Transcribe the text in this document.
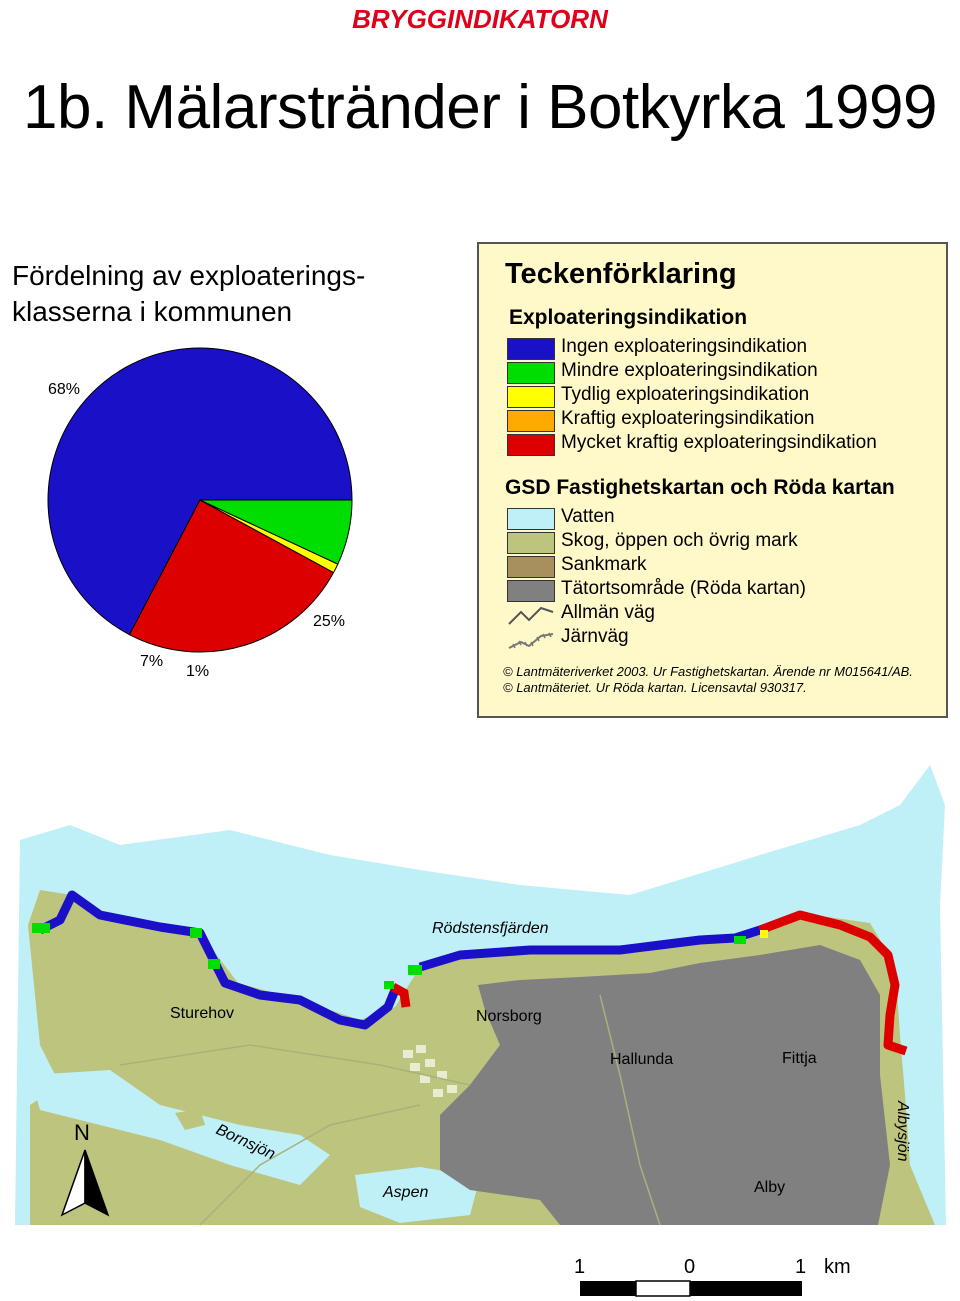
BRYGGINDIKATORN
1b. Mälarstränder i Botkyrka 1999
Fördelning av exploaterings-
klasserna i kommunen
68%
25%
7%
1%
Teckenförklaring
Exploateringsindikation
Ingen exploateringsindikation
Mindre exploateringsindikation
Tydlig exploateringsindikation
Kraftig exploateringsindikation
Mycket kraftig exploateringsindikation
GSD Fastighetskartan och Röda kartan
Vatten
Skog, öppen och övrig mark
Sankmark
Tätortsområde (Röda kartan)
Allmän väg
Järnväg
© Lantmäteriverket 2003. Ur Fastighetskartan. Ärende nr M015641/AB.
© Lantmäteriet. Ur Röda kartan. Licensavtal 930317.
Rödstensfjärden
Sturehov	Norsborg
Hallunda	Fittja
Bornsjön
Aspen	Alby
Albysjön
N
1	0	1 km
